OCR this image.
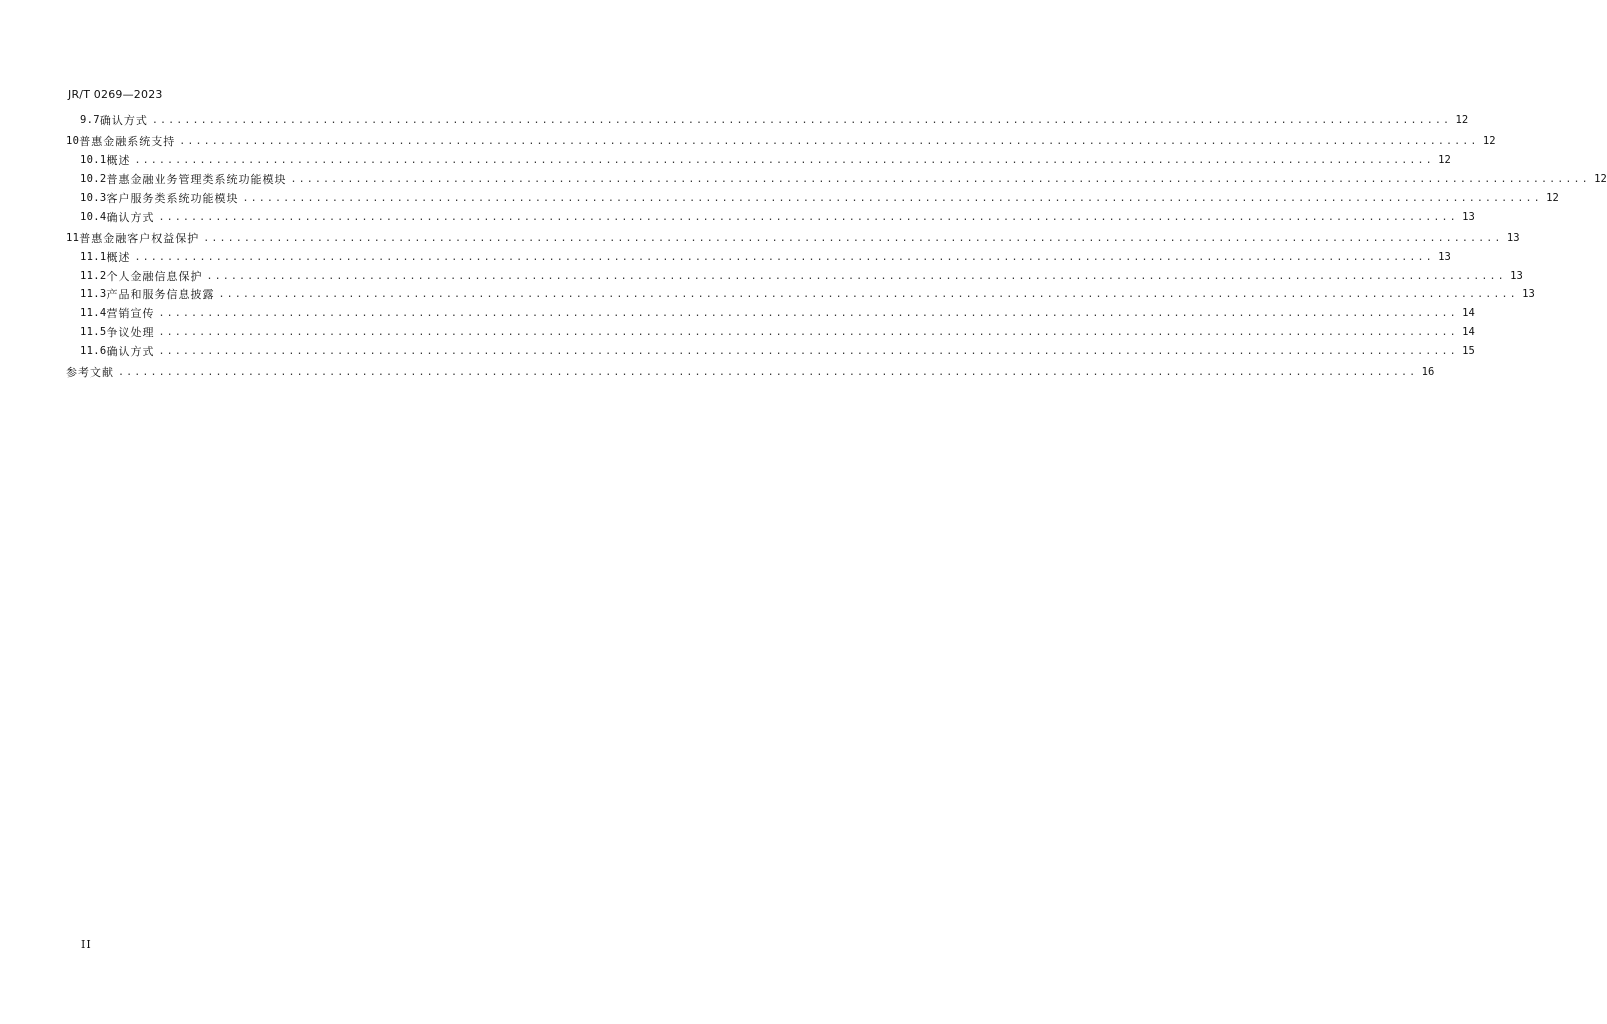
JR/T 0269—2023
9.7 确认方式 ................................................................................................................................................................ 12
10 普惠金融系统支持 ................................................................................................................................................................ 12
10.1 概述 ................................................................................................................................................................ 12
10.2 普惠金融业务管理类系统功能模块 ................................................................................................................................................................ 12
10.3 客户服务类系统功能模块 ................................................................................................................................................................ 12
10.4 确认方式 ................................................................................................................................................................ 13
11 普惠金融客户权益保护 ................................................................................................................................................................ 13
11.1 概述 ................................................................................................................................................................ 13
11.2 个人金融信息保护 ................................................................................................................................................................ 13
11.3 产品和服务信息披露 ................................................................................................................................................................ 13
11.4 营销宣传 ................................................................................................................................................................ 14
11.5 争议处理 ................................................................................................................................................................ 14
11.6 确认方式 ................................................................................................................................................................ 15
参考文献 ................................................................................................................................................................ 16
II
